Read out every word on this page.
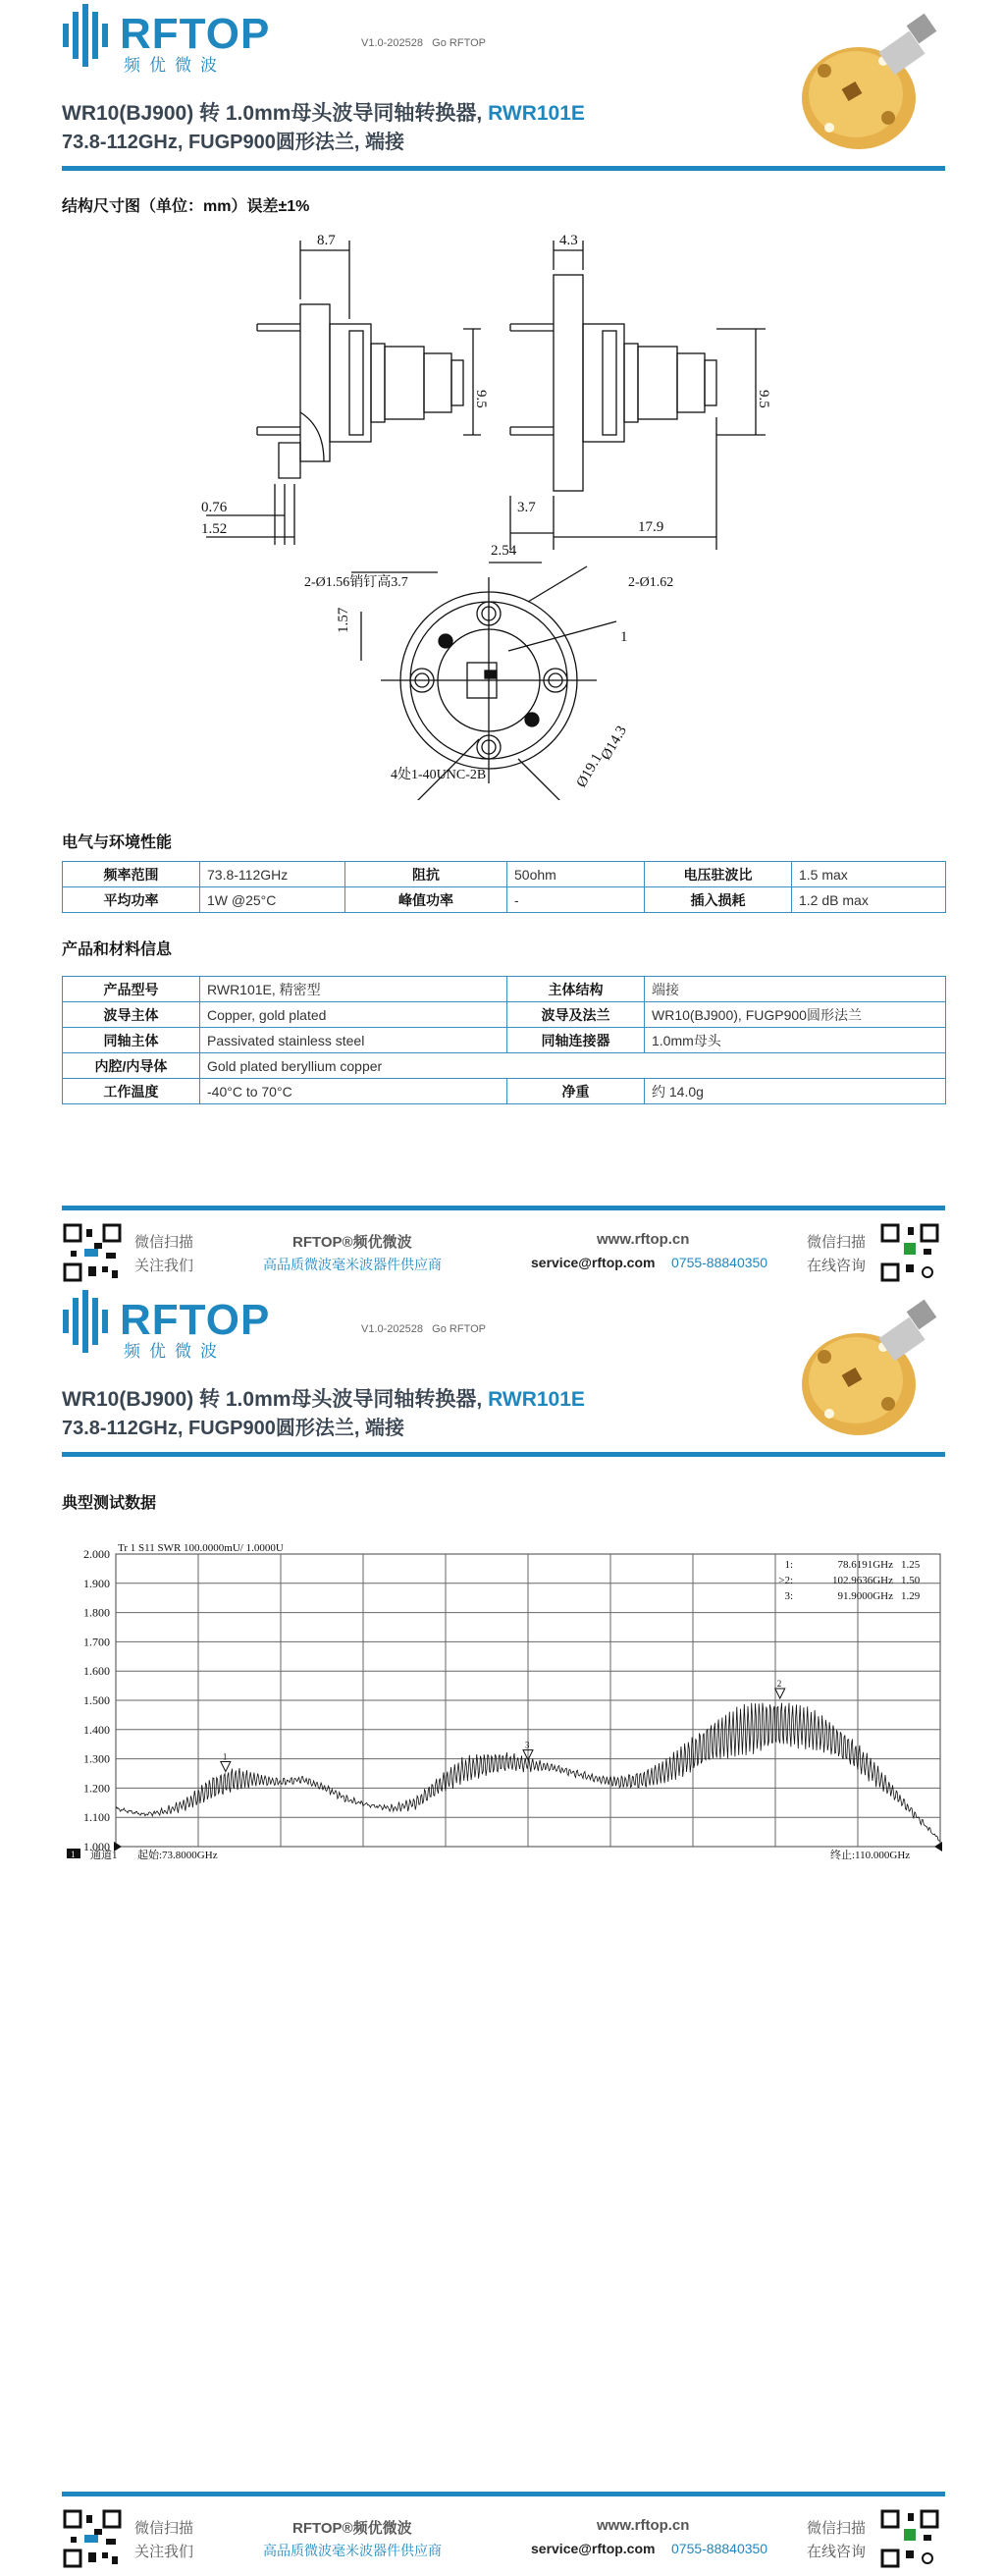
RFTOP
频优微波
V1.0-202528 Go RFTOP
WR10(BJ900) 转 1.0mm母头波导同轴转换器, RWR101E
73.8-112GHz, FUGP900圆形法兰, 端接
结构尺寸图（单位：mm）误差±1%
8.7	4.3
9.5	9.5
0.76
1.52
3.7
17.9
2.54
2-Ø1.56销钉高3.7	2-Ø1.62
1.57
1
Ø14.3
Ø19.1
4处1-40UNC-2B
电气与环境性能
频率范围	73.8-112GHz	阻抗	50ohm	电压驻波比	1.5 max
平均功率	1W @25°C	峰值功率	-	插入损耗	1.2 dB max
产品和材料信息
产品型号	RWR101E, 精密型	主体结构	端接
波导主体	Copper, gold plated	波导及法兰	WR10(BJ900), FUGP900圆形法兰
同轴主体	Passivated stainless steel	同轴连接器	1.0mm母头
内腔/内导体	Gold plated beryllium copper		
工作温度	-40°C to 70°C	净重	约 14.0g
微信扫描
关注我们
RFTOP®频优微波
高品质微波毫米波器件供应商
www.rftop.cn
service@rftop.com 0755-88840350
微信扫描
在线咨询
RFTOP
频优微波
V1.0-202528 Go RFTOP
WR10(BJ900) 转 1.0mm母头波导同轴转换器, RWR101E
73.8-112GHz, FUGP900圆形法兰, 端接
典型测试数据
Tr 1 S11 SWR 100.0000mU/ 1.0000U
2.000
1.900
1.800
1.700
1.600
1.500
1.400
1.300
1.200
1.100
1.000
1:	78.6191GHz 1.25
>2:	102.9636GHz 1.50
3:	91.9000GHz 1.29
1
2
3
1 通道1 起始:73.8000GHz	终止:110.000GHz
微信扫描
关注我们
RFTOP®频优微波
高品质微波毫米波器件供应商
www.rftop.cn
service@rftop.com 0755-88840350
微信扫描
在线咨询
